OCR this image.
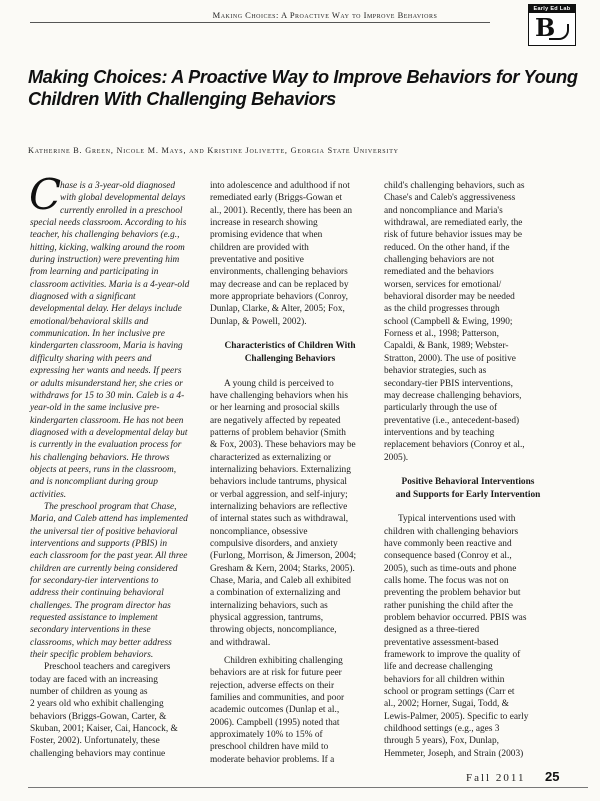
Making Choices: A Proactive Way to Improve Behaviors
Early Ed Lab
B
Making Choices: A Proactive Way to Improve Behaviors for Young Children With Challenging Behaviors
Katherine B. Green, Nicole M. Mays, and Kristine Jolivette, Georgia State University
C
hase is a 3-year-old diagnosed
with global developmental delays
currently enrolled in a preschool
special needs classroom. According to his
teacher, his challenging behaviors (e.g.,
hitting, kicking, walking around the room
during instruction) were preventing him
from learning and participating in
classroom activities. Maria is a 4-year-old
diagnosed with a significant
developmental delay. Her delays include
emotional/behavioral skills and
communication. In her inclusive pre
kindergarten classroom, Maria is having
difficulty sharing with peers and
expressing her wants and needs. If peers
or adults misunderstand her, she cries or
withdraws for 15 to 30 min. Caleb is a 4-
year-old in the same inclusive pre-
kindergarten classroom. He has not been
diagnosed with a developmental delay but
is currently in the evaluation process for
his challenging behaviors. He throws
objects at peers, runs in the classroom,
and is noncompliant during group
activities.
The preschool program that Chase,
Maria, and Caleb attend has implemented
the universal tier of positive behavioral
interventions and supports (PBIS) in
each classroom for the past year. All three
children are currently being considered
for secondary-tier interventions to
address their continuing behavioral
challenges. The program director has
requested assistance to implement
secondary interventions in these
classrooms, which may better address
their specific problem behaviors.
Preschool teachers and caregivers
today are faced with an increasing
number of children as young as
2 years old who exhibit challenging
behaviors (Briggs-Gowan, Carter, &
Skuban, 2001; Kaiser, Cai, Hancock, &
Foster, 2002). Unfortunately, these
challenging behaviors may continue
into adolescence and adulthood if not
remediated early (Briggs-Gowan et
al., 2001). Recently, there has been an
increase in research showing
promising evidence that when
children are provided with
preventative and positive
environments, challenging behaviors
may decrease and can be replaced by
more appropriate behaviors (Conroy,
Dunlap, Clarke, & Alter, 2005; Fox,
Dunlap, & Powell, 2002).
Characteristics of Children With
Challenging Behaviors
A young child is perceived to
have challenging behaviors when his
or her learning and prosocial skills
are negatively affected by repeated
patterns of problem behavior (Smith
& Fox, 2003). These behaviors may be
characterized as externalizing or
internalizing behaviors. Externalizing
behaviors include tantrums, physical
or verbal aggression, and self-injury;
internalizing behaviors are reflective
of internal states such as withdrawal,
noncompliance, obsessive
compulsive disorders, and anxiety
(Furlong, Morrison, & Jimerson, 2004;
Gresham & Kern, 2004; Starks, 2005).
Chase, Maria, and Caleb all exhibited
a combination of externalizing and
internalizing behaviors, such as
physical aggression, tantrums,
throwing objects, noncompliance,
and withdrawal.
Children exhibiting challenging
behaviors are at risk for future peer
rejection, adverse effects on their
families and communities, and poor
academic outcomes (Dunlap et al.,
2006). Campbell (1995) noted that
approximately 10% to 15% of
preschool children have mild to
moderate behavior problems. If a
child's challenging behaviors, such as
Chase's and Caleb's aggressiveness
and noncompliance and Maria's
withdrawal, are remediated early, the
risk of future behavior issues may be
reduced. On the other hand, if the
challenging behaviors are not
remediated and the behaviors
worsen, services for emotional/
behavioral disorder may be needed
as the child progresses through
school (Campbell & Ewing, 1990;
Forness et al., 1998; Patterson,
Capaldi, & Bank, 1989; Webster-
Stratton, 2000). The use of positive
behavior strategies, such as
secondary-tier PBIS interventions,
may decrease challenging behaviors,
particularly through the use of
preventative (i.e., antecedent-based)
interventions and by teaching
replacement behaviors (Conroy et al.,
2005).
Positive Behavioral Interventions
and Supports for Early Intervention
Typical interventions used with
children with challenging behaviors
have commonly been reactive and
consequence based (Conroy et al.,
2005), such as time-outs and phone
calls home. The focus was not on
preventing the problem behavior but
rather punishing the child after the
problem behavior occurred. PBIS was
designed as a three-tiered
preventative assessment-based
framework to improve the quality of
life and decrease challenging
behaviors for all children within
school or program settings (Carr et
al., 2002; Horner, Sugai, Todd, &
Lewis-Palmer, 2005). Specific to early
childhood settings (e.g., ages 3
through 5 years), Fox, Dunlap,
Hemmeter, Joseph, and Strain (2003)
Fall 2011 25
